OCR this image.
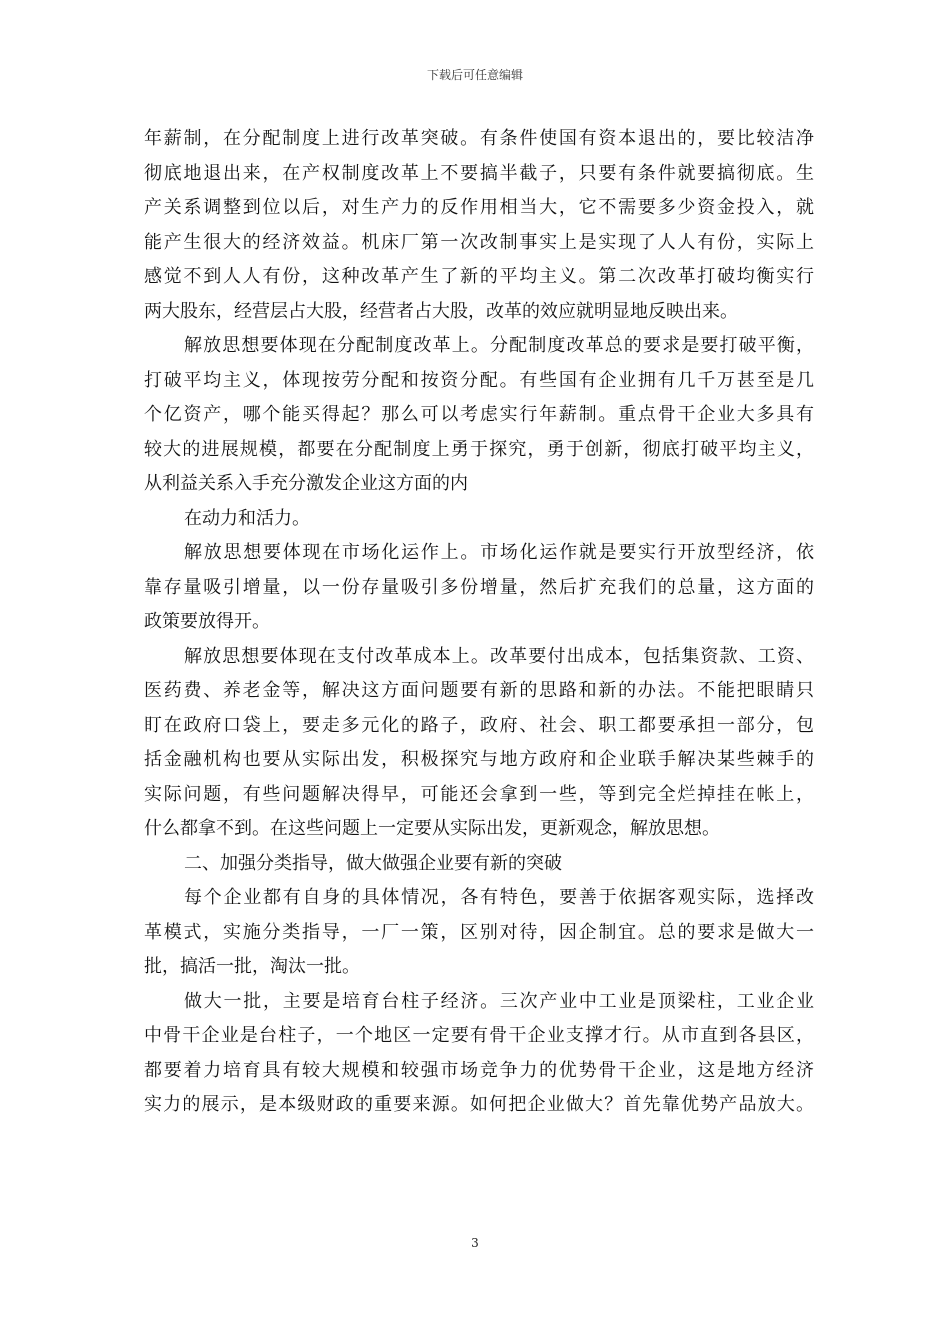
下载后可任意编辑
年薪制，在分配制度上进行改革突破。有条件使国有资本退出的，要比较洁净
彻底地退出来，在产权制度改革上不要搞半截子，只要有条件就要搞彻底。生
产关系调整到位以后，对生产力的反作用相当大，它不需要多少资金投入，就
能产生很大的经济效益。机床厂第一次改制事实上是实现了人人有份，实际上
感觉不到人人有份，这种改革产生了新的平均主义。第二次改革打破均衡实行
两大股东，经营层占大股，经营者占大股，改革的效应就明显地反映出来。
解放思想要体现在分配制度改革上。分配制度改革总的要求是要打破平衡，
打破平均主义，体现按劳分配和按资分配。有些国有企业拥有几千万甚至是几
个亿资产，哪个能买得起？那么可以考虑实行年薪制。重点骨干企业大多具有
较大的进展规模，都要在分配制度上勇于探究，勇于创新，彻底打破平均主义，
从利益关系入手充分激发企业这方面的内
在动力和活力。
解放思想要体现在市场化运作上。市场化运作就是要实行开放型经济，依
靠存量吸引增量，以一份存量吸引多份增量，然后扩充我们的总量，这方面的
政策要放得开。
解放思想要体现在支付改革成本上。改革要付出成本，包括集资款、工资、
医药费、养老金等，解决这方面问题要有新的思路和新的办法。不能把眼睛只
盯在政府口袋上，要走多元化的路子，政府、社会、职工都要承担一部分，包
括金融机构也要从实际出发，积极探究与地方政府和企业联手解决某些棘手的
实际问题，有些问题解决得早，可能还会拿到一些，等到完全烂掉挂在帐上，
什么都拿不到。在这些问题上一定要从实际出发，更新观念，解放思想。
二、加强分类指导，做大做强企业要有新的突破
每个企业都有自身的具体情况，各有特色，要善于依据客观实际，选择改
革模式，实施分类指导，一厂一策，区别对待，因企制宜。总的要求是做大一
批，搞活一批，淘汰一批。
做大一批，主要是培育台柱子经济。三次产业中工业是顶梁柱，工业企业
中骨干企业是台柱子，一个地区一定要有骨干企业支撑才行。从市直到各县区，
都要着力培育具有较大规模和较强市场竞争力的优势骨干企业，这是地方经济
实力的展示，是本级财政的重要来源。如何把企业做大？首先靠优势产品放大。
3
